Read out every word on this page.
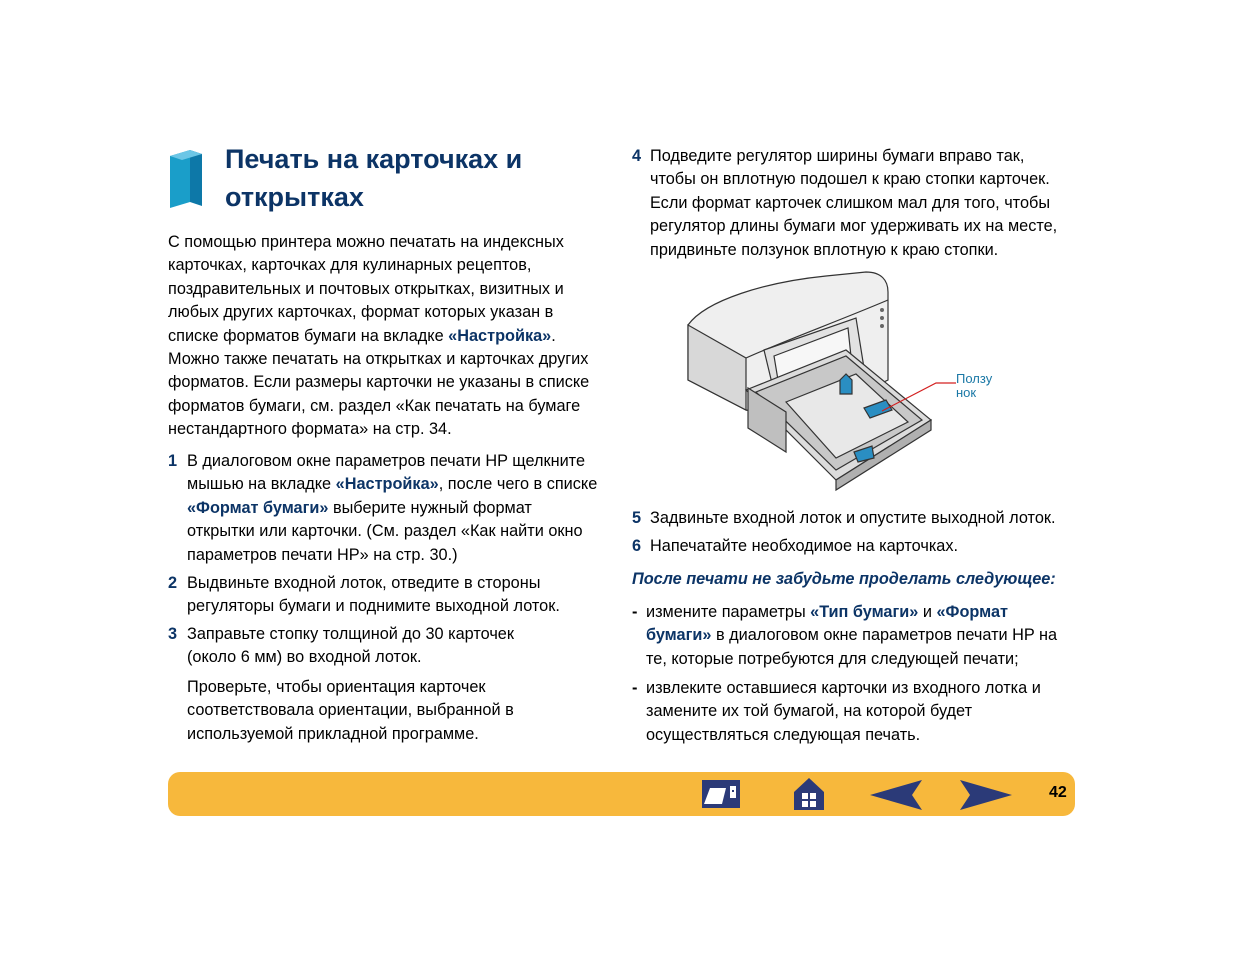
Печать на карточках и
открытках
С помощью принтера можно печатать на индексных
карточках, карточках для кулинарных рецептов,
поздравительных и почтовых открытках, визитных и
любых других карточках, формат которых указан в
списке форматов бумаги на вкладке «Настройка».
Можно также печатать на открытках и карточках других
форматов. Если размеры карточки не указаны в списке
форматов бумаги, см. раздел «Как печатать на бумаге
нестандартного формата» на стр. 34.
1 В диалоговом окне параметров печати HP щелкните
мышью на вкладке «Настройка», после чего в списке
«Формат бумаги» выберите нужный формат
открытки или карточки. (См. раздел «Как найти окно
параметров печати HP» на стр. 30.)
2 Выдвиньте входной лоток, отведите в стороны
регуляторы бумаги и поднимите выходной лоток.
3 Заправьте стопку толщиной до 30 карточек
(около 6 мм) во входной лоток.
Проверьте, чтобы ориентация карточек
соответствовала ориентации, выбранной в
используемой прикладной программе.
4 Подведите регулятор ширины бумаги вправо так,
чтобы он вплотную подошел к краю стопки карточек.
Если формат карточек слишком мал для того, чтобы
регулятор длины бумаги мог удерживать их на месте,
придвиньте ползунок вплотную к краю стопки.
Ползу
нок
5 Задвиньте входной лоток и опустите выходной лоток.
6 Напечатайте необходимое на карточках.
После печати не забудьте проделать следующее:
- измените параметры «Тип бумаги» и «Формат
бумаги» в диалоговом окне параметров печати HP на
те, которые потребуются для следующей печати;
- извлеките оставшиеся карточки из входного лотка и
замените их той бумагой, на которой будет
осуществляться следующая печать.
42
